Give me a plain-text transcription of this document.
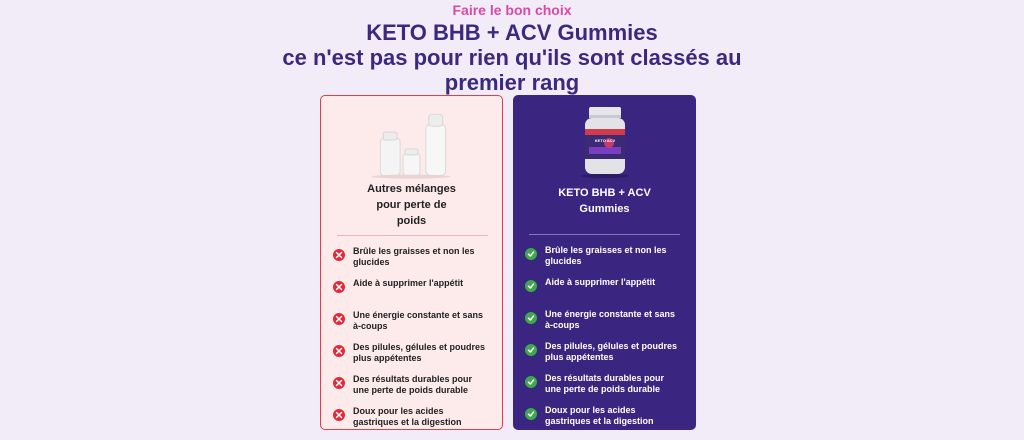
Faire le bon choix
KETO BHB + ACV Gummies
ce n'est pas pour rien qu'ils sont classés au
premier rang
Autres mélanges
pour perte de
poids
Brûle les graisses et non les
glucides
Aide à supprimer l'appétit

Une énergie constante et sans
à-coups
Des pilules, gélules et poudres
plus appétentes
Des résultats durables pour
une perte de poids durable
Doux pour les acides
gastriques et la digestion
KETO ACV
KETO BHB + ACV
Gummies
Brûle les graisses et non les
glucides
Aide à supprimer l'appétit

Une énergie constante et sans
à-coups
Des pilules, gélules et poudres
plus appétentes
Des résultats durables pour
une perte de poids durable
Doux pour les acides
gastriques et la digestion
